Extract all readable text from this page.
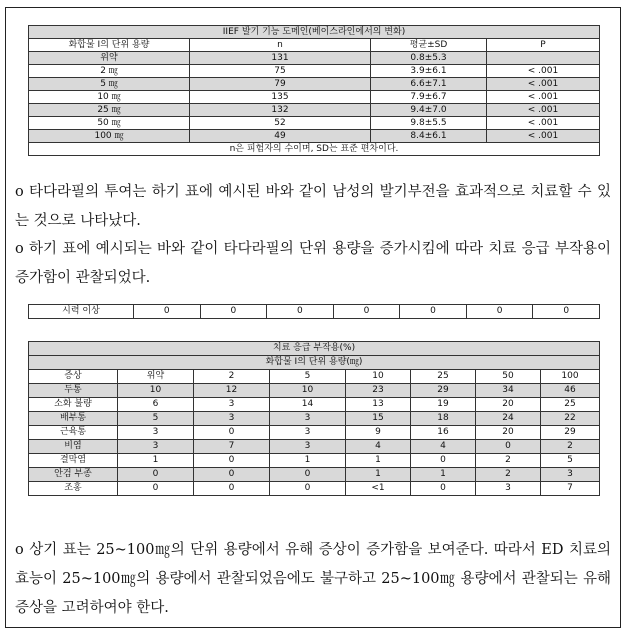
IIEF 발기 기능 도메인(베이스라인에서의 변화)			
화합물 I의 단위 용량	n	평균±SD	P
위약	131	0.8±5.3	
2 ㎎	75	3.9±6.1	< .001
5 ㎎	79	6.6±7.1	< .001
10 ㎎	135	7.9±6.7	< .001
25 ㎎	132	9.4±7.0	< .001
50 ㎎	52	9.8±5.5	< .001
100 ㎎	49	8.4±6.1	< .001
n은 피험자의 수이며, SD는 표준 편차이다.			
o 타다라필의 투여는 하기 표에 예시된 바와 같이 남성의 발기부전을 효과적으로 치료할 수 있는 것으로 나타났다.
o 하기 표에 예시되는 바와 같이 타다라필의 단위 용량을 증가시킴에 따라 치료 응급 부작용이 증가함이 관찰되었다.
시력 이상	0	0	0	0	0	0	0
치료 응급 부작용(%)							
화합물 I의 단위 용량(㎎)							
증상	위약	2	5	10	25	50	100
두통	10	12	10	23	29	34	46
소화 불량	6	3	14	13	19	20	25
배부통	5	3	3	15	18	24	22
근육통	3	0	3	9	16	20	29
비염	3	7	3	4	4	0	2
결막염	1	0	1	1	0	2	5
안검 부종	0	0	0	1	1	2	3
조홍	0	0	0	<1	0	3	7
o 상기 표는 25~100㎎의 단위 용량에서 유해 증상이 증가함을 보여준다. 따라서 ED 치료의 효능이 25~100㎎의 용량에서 관찰되었음에도 불구하고 25~100㎎ 용량에서 관찰되는 유해 증상을 고려하여야 한다.
